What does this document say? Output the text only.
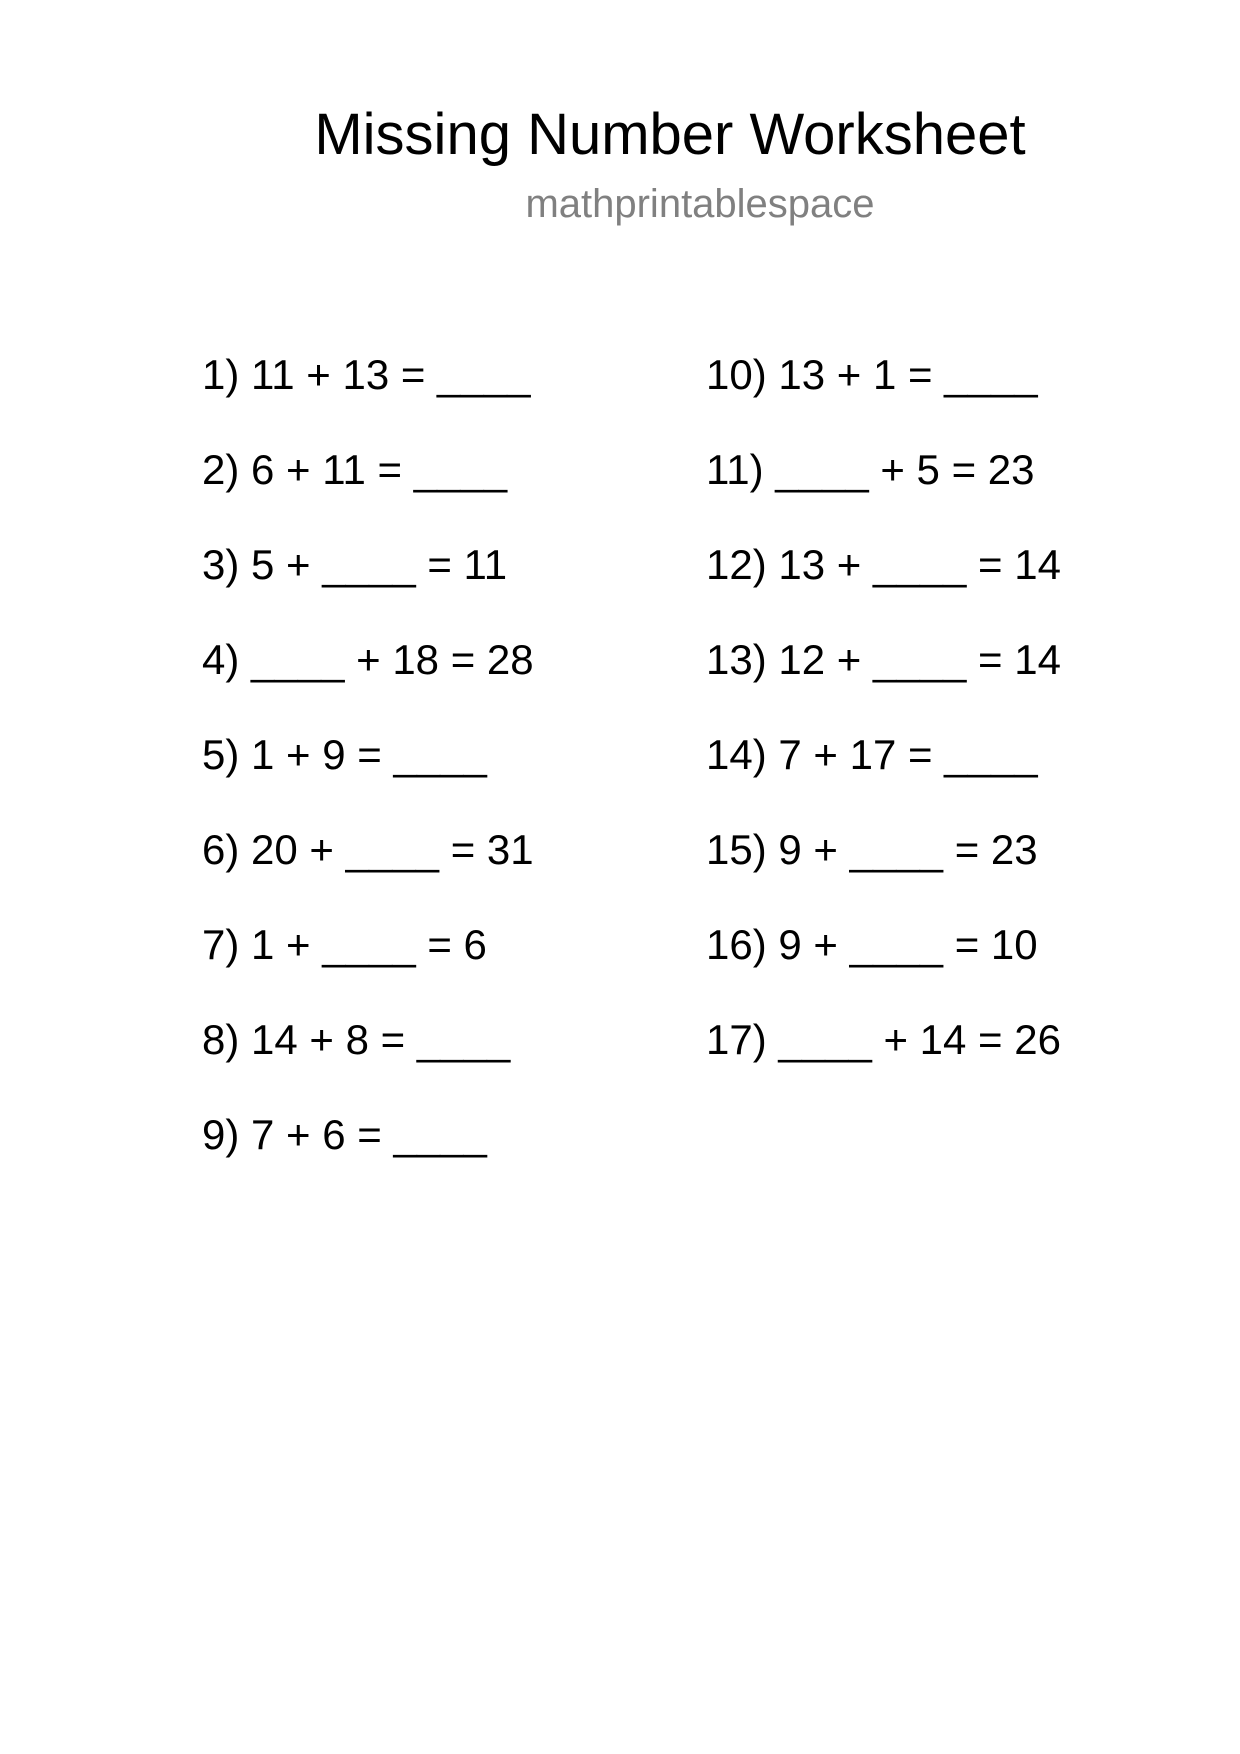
Missing Number Worksheet
mathprintablespace
1) 11 + 13 = ____
2) 6 + 11 = ____
3) 5 + ____ = 11
4) ____ + 18 = 28
5) 1 + 9 = ____
6) 20 + ____ = 31
7) 1 + ____ = 6
8) 14 + 8 = ____
9) 7 + 6 = ____
10) 13 + 1 = ____
11) ____ + 5 = 23
12) 13 + ____ = 14
13) 12 + ____ = 14
14) 7 + 17 = ____
15) 9 + ____ = 23
16) 9 + ____ = 10
17) ____ + 14 = 26
